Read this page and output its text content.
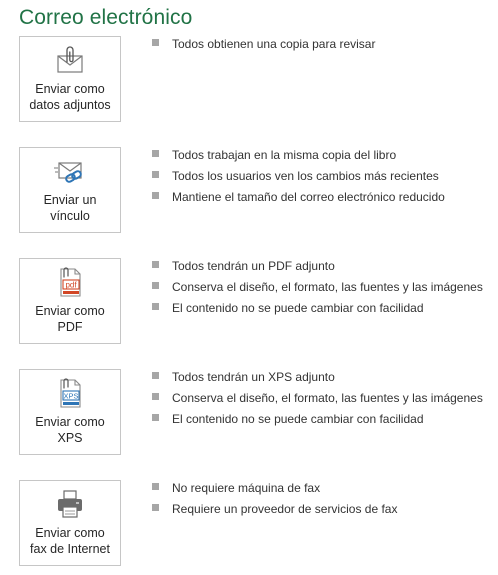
Correo electrónico
Enviar como
datos adjuntos
Todos obtienen una copia para revisar
Enviar un
vínculo
Todos trabajan en la misma copia del libro
Todos los usuarios ven los cambios más recientes
Mantiene el tamaño del correo electrónico reducido
pdf
Enviar como
PDF
Todos tendrán un PDF adjunto
Conserva el diseño, el formato, las fuentes y las imágenes
El contenido no se puede cambiar con facilidad
XPS
Enviar como
XPS
Todos tendrán un XPS adjunto
Conserva el diseño, el formato, las fuentes y las imágenes
El contenido no se puede cambiar con facilidad
Enviar como
fax de Internet
No requiere máquina de fax
Requiere un proveedor de servicios de fax
